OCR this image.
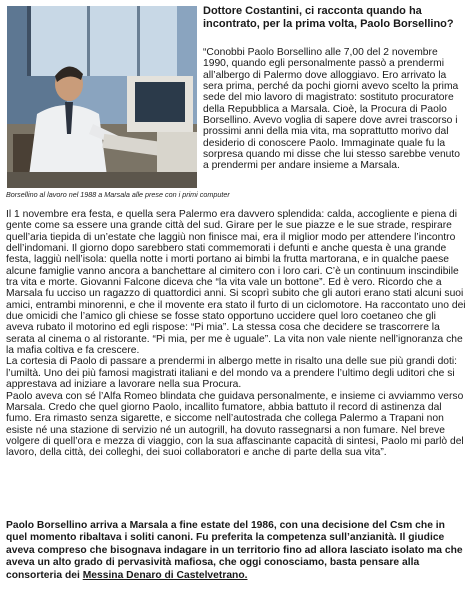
Borsellino al lavoro nel 1988 a Marsala alle prese con i primi computer
Dottore Costantini, ci racconta quando ha incontrato, per la prima volta, Paolo Borsellino?

“Conobbi Paolo Borsellino alle 7,00 del 2 novembre 1990, quando egli personalmente passò a prendermi all’albergo di Palermo dove alloggiavo. Ero arrivato la sera prima, perché da pochi giorni avevo scelto la prima sede del mio lavoro di magistrato: sostituto procuratore della Repubblica a Marsala. Cioè, la Procura di Paolo Borsellino. Avevo voglia di sapere dove avrei trascorso i prossimi anni della mia vita, ma soprattutto morivo dal desiderio di conoscere Paolo. Immaginate quale fu la sorpresa quando mi disse che lui stesso sarebbe venuto a prendermi per andare insieme a Marsala.

Il 1 novembre era festa, e quella sera Palermo era davvero splendida: calda, accogliente e piena di gente come sa essere una grande città del sud. Girare per le sue piazze e le sue strade, respirare quell’aria tiepida di un’estate che laggiù non finisce mai, era il miglior modo per attendere l’incontro dell’indomani. Il giorno dopo sarebbero stati commemorati i defunti e anche questa è una grande festa, laggiù nell’isola: quella notte i morti portano ai bimbi la frutta martorana, e in qualche paese alcune famiglie vanno ancora a banchettare al cimitero con i loro cari. C’è un continuum inscindibile tra vita e morte. Giovanni Falcone diceva che “la vita vale un bottone”. Ed è vero. Ricordo che a Marsala fu ucciso un ragazzo di quattordici anni. Si scoprì subito che gli autori erano stati alcuni suoi amici, entrambi minorenni, e che il movente era stato il furto di un ciclomotore. Ha raccontato uno dei due omicidi che l’amico gli chiese se fosse stato opportuno uccidere quel loro coetaneo che gli aveva rubato il motorino ed egli rispose: “Pi mia”. La stessa cosa che decidere se trascorrere la serata al cinema o al ristorante. “Pi mia, per me è uguale”. La vita non vale niente nell’ignoranza che la mafia coltiva e fa crescere.

La cortesia di Paolo di passare a prendermi in albergo mette in risalto una delle sue più grandi doti: l’umiltà. Uno dei più famosi magistrati italiani e del mondo va a prendere l’ultimo degli uditori che si apprestava ad iniziare a lavorare nella sua Procura.

Paolo aveva con sé l’Alfa Romeo blindata che guidava personalmente, e insieme ci avviammo verso Marsala. Credo che quel giorno Paolo, incallito fumatore, abbia battuto il record di astinenza dal fumo. Era rimasto senza sigarette, e siccome nell’autostrada che collega Palermo a Trapani non esiste né una stazione di servizio né un autogrill, ha dovuto rassegnarsi a non fumare. Nel breve volgere di quell’ora e mezza di viaggio, con la sua affascinante capacità di sintesi, Paolo mi parlò del lavoro, della città, dei colleghi, dei suoi collaboratori e anche di parte della sua vita”.

Paolo Borsellino arriva a Marsala a fine estate del 1986, con una decisione del Csm che in quel momento ribaltava i soliti canoni. Fu preferita la competenza sull’anzianità. Il giudice aveva compreso che bisognava indagare in un territorio fino ad allora lasciato isolato ma che aveva un alto grado di pervasività mafiosa, che oggi conosciamo, basta pensare alla consorteria dei Messina Denaro di Castelvetrano.
